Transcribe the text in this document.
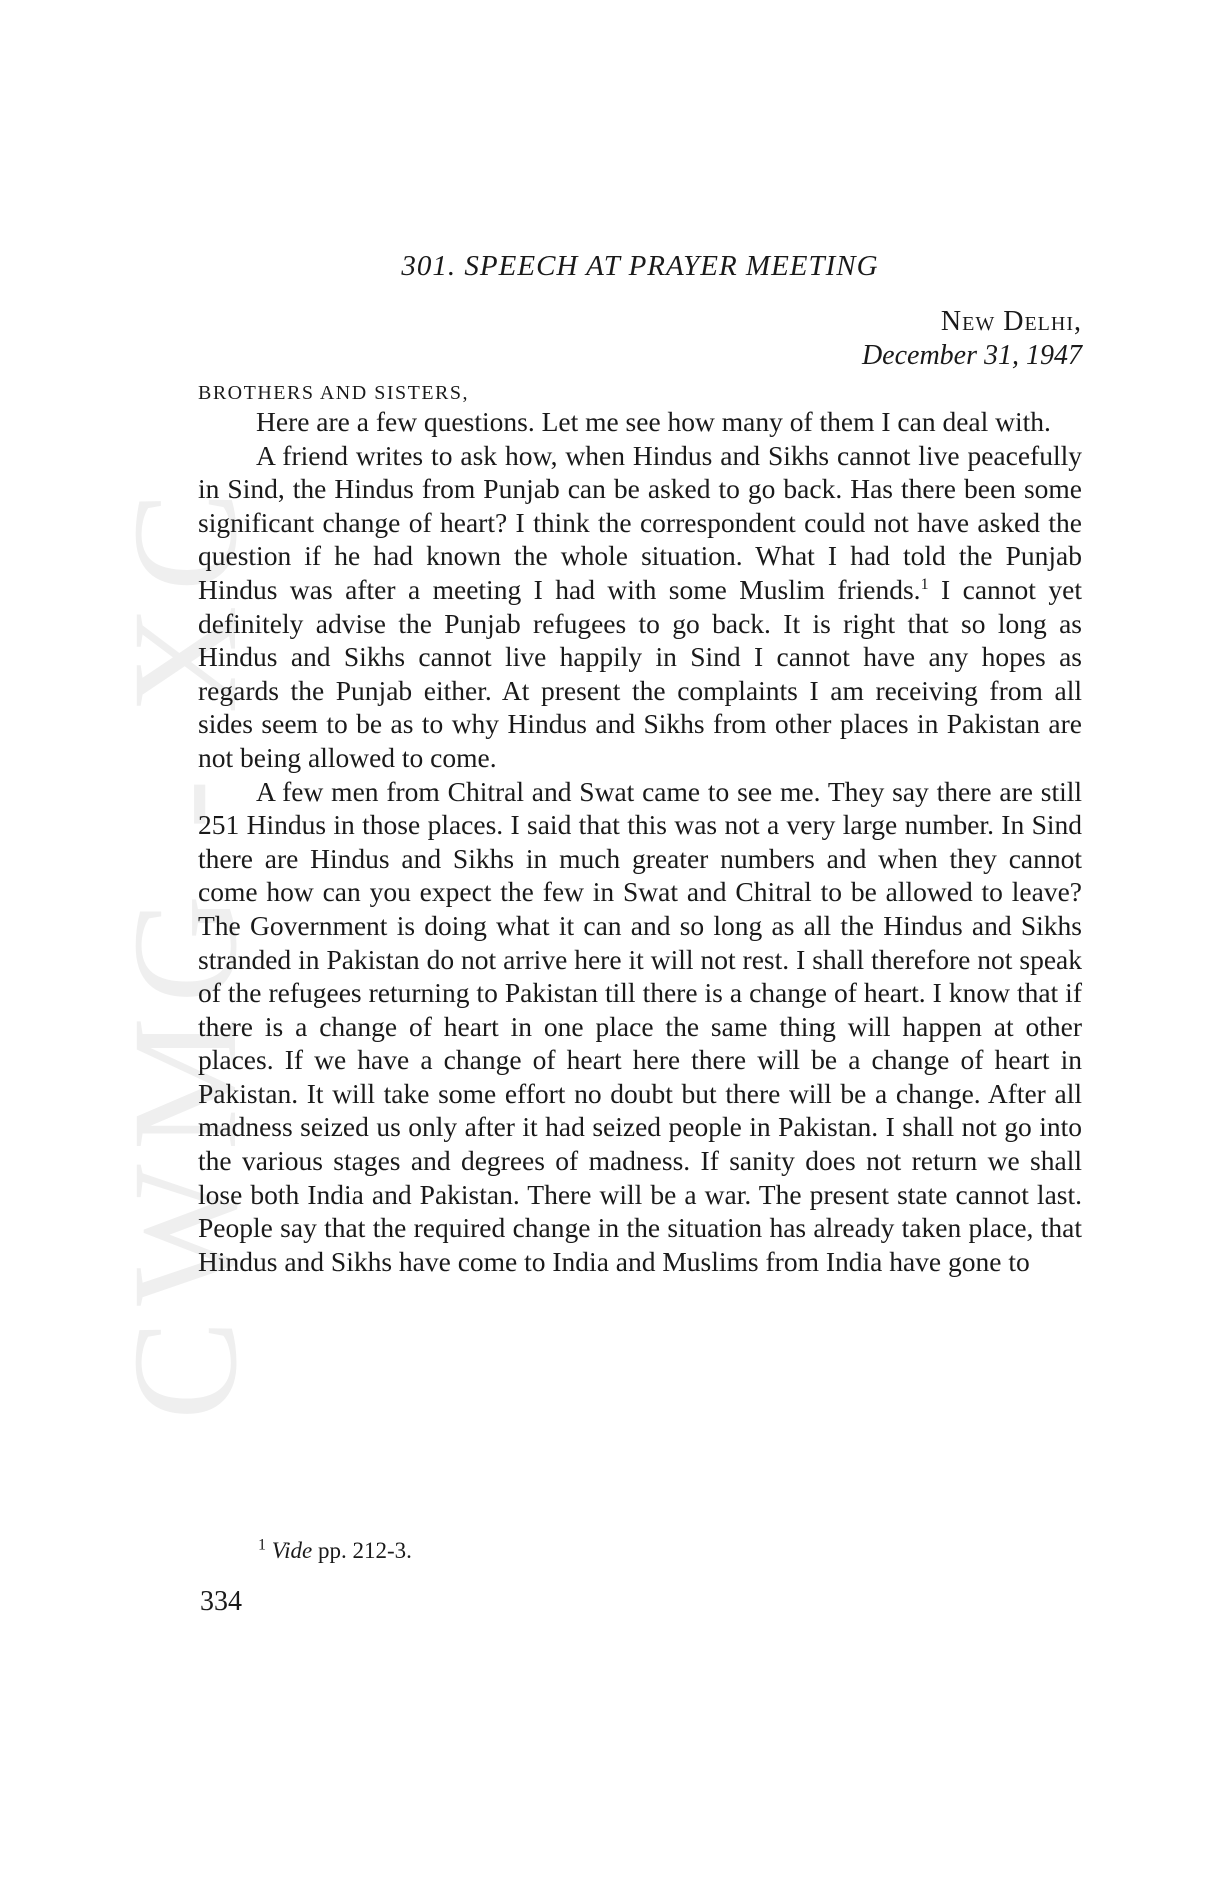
CWMG - XC
301. SPEECH AT PRAYER MEETING
New Delhi,
December 31, 1947
BROTHERS AND SISTERS,

Here are a few questions. Let me see how many of them I can deal with.

A friend writes to ask how, when Hindus and Sikhs cannot live peacefully in Sind, the Hindus from Punjab can be asked to go back. Has there been some significant change of heart? I think the correspondent could not have asked the question if he had known the whole situation. What I had told the Punjab Hindus was after a meeting I had with some Muslim friends.$^1$ I cannot yet definitely advise the Punjab refugees to go back. It is right that so long as Hindus and Sikhs cannot live happily in Sind I cannot have any hopes as regards the Punjab either. At present the complaints I am receiving from all sides seem to be as to why Hindus and Sikhs from other places in Pakistan are not being allowed to come.

A few men from Chitral and Swat came to see me. They say there are still 251 Hindus in those places. I said that this was not a very large number. In Sind there are Hindus and Sikhs in much greater numbers and when they cannot come how can you expect the few in Swat and Chitral to be allowed to leave? The Government is doing what it can and so long as all the Hindus and Sikhs stranded in Pakistan do not arrive here it will not rest. I shall therefore not speak of the refugees returning to Pakistan till there is a change of heart. I know that if there is a change of heart in one place the same thing will happen at other places. If we have a change of heart here there will be a change of heart in Pakistan. It will take some effort no doubt but there will be a change. After all madness seized us only after it had seized people in Pakistan. I shall not go into the various stages and degrees of madness. If sanity does not return we shall lose both India and Pakistan. There will be a war. The present state cannot last. People say that the required change in the situation has already taken place, that Hindus and Sikhs have come to India and Muslims from India have gone to

$^1$ Vide pp. 212-3.
334
